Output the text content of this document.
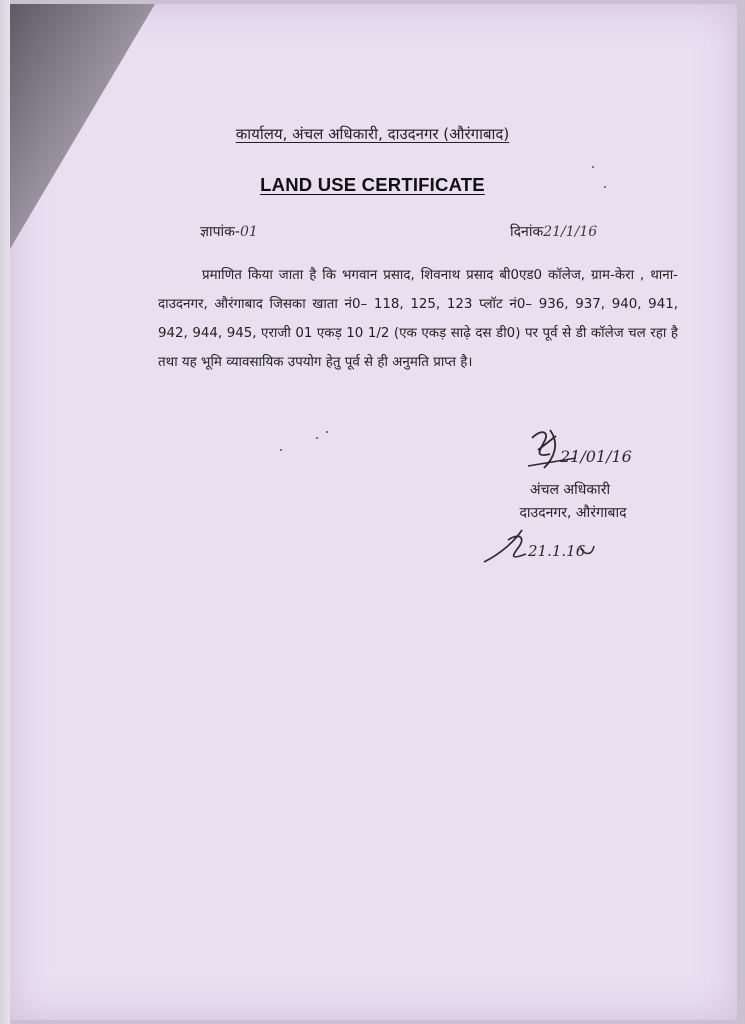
कार्यालय, अंचल अधिकारी, दाउदनगर (औरंगाबाद)
LAND USE CERTIFICATE
ज्ञापांक-01	दिनांक21/1/16
प्रमाणित किया जाता है कि भगवान प्रसाद, शिवनाथ प्रसाद बी0एड0 कॉलेज, ग्राम-केरा , थाना-दाउदनगर, औरंगाबाद जिसका खाता नं0– 118, 125, 123 प्लॉट नं0– 936, 937, 940, 941, 942, 944, 945, एराजी 01 एकड़ 10 1/2 (एक एकड़ साढ़े दस डी0) पर पूर्व से डी कॉलेज चल रहा है तथा यह भूमि व्यावसायिक उपयोग हेतु पूर्व से ही अनुमति प्राप्त है।
21/01/16
अंचल अधिकारी
दाउदनगर, औरंगाबाद
21.1.16
